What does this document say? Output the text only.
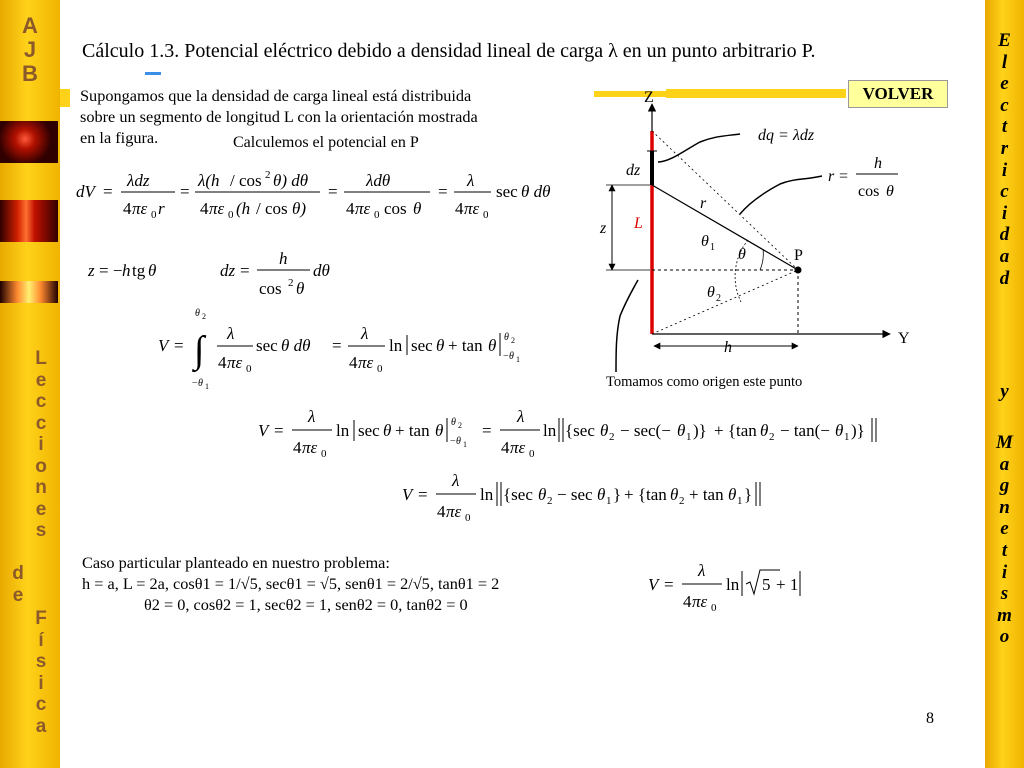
A
J
B
L
e
c
c
i
o
n
e
s
d
e
F
í
s
i
c
a
E
l
e
c
t
r
i
c
i
d
a
d
y
M
a
g
n
e
t
i
s
m
o
Cálculo 1.3. Potencial eléctrico debido a densidad lineal de carga λ en un punto arbitrario P.
Supongamos que la densidad de carga lineal está distribuida
sobre un segmento de longitud L con la orientación mostrada
en la figura.	Calculemos el potencial en P
VOLVER
dV =
λdz
4 πε 0 r
=
λ(h / cos 2 θ) dθ
4 πε 0 (h / cos θ)
=
λdθ
4 πε 0 cos θ
=
λ
4 πε 0
sec θ dθ
z = − h tg θ	dz =
h
cos 2 θ
dθ
θ 2
∫
− θ 1
V =
λ
4 πε 0
sec θ dθ =
λ
4 πε 0
ln sec θ + tan θ θ 2
− θ 1
Z
Y
L
P
r
θ 1 θ
θ 2
dz
z
h
dq = λdz
r =
h
cos θ
Tomamos como origen este punto
V =
λ
4 πε 0
ln sec θ + tan θ θ 2
− θ 1
=
λ
4 πε 0
ln {sec θ 2 − sec(− θ 1 )} + {tan θ 2 − tan(− θ 1 )}
V =
λ
4 πε 0
ln {sec θ 2 − sec θ 1 } + {tan θ 2 + tan θ 1 }
Caso particular planteado en nuestro problema:
h = a, L = 2a, cosθ1 = 1/√5, secθ1 = √5, senθ1 = 2/√5, tanθ1 = 2
θ2 = 0, cosθ2 = 1, secθ2 = 1, senθ2 = 0, tanθ2 = 0
V =
λ
4 πε 0
ln 5 + 1
8
